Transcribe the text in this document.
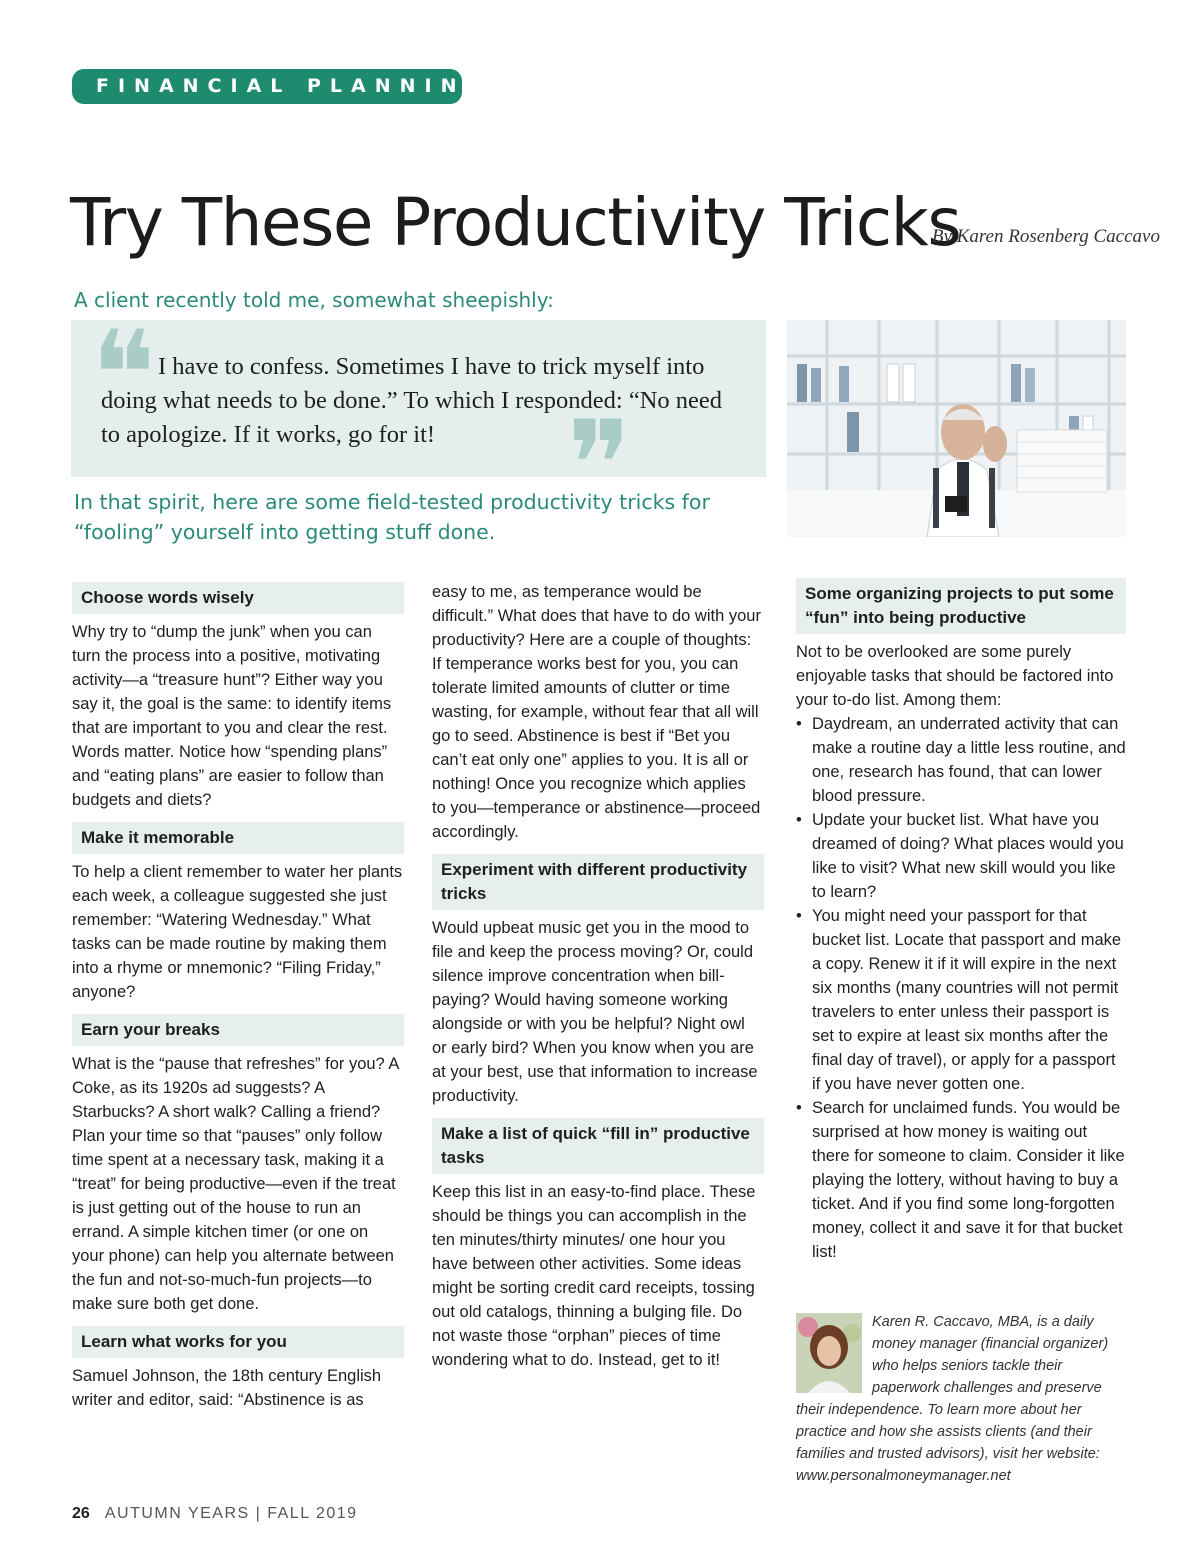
FINANCIAL PLANNING
Try These Productivity Tricks
By Karen Rosenberg Caccavo

A client recently told me, somewhat sheepishly:

❝
❞

I have to confess. Sometimes I have to trick myself into doing what needs to be done.” To which I responded: “No need to apologize. If it works, go for it!

In that spirit, here are some field-tested productivity tricks for “fooling” yourself into getting stuff done.

Choose words wisely

Why try to “dump the junk” when you can turn the process into a positive, motivating activity—a “treasure hunt”? Either way you say it, the goal is the same: to identify items that are important to you and clear the rest. Words matter. Notice how “spending plans” and “eating plans” are easier to follow than budgets and diets?

Make it memorable

To help a client remember to water her plants each week, a colleague suggested she just remember: “Watering Wednesday.” What tasks can be made routine by making them into a rhyme or mnemonic? “Filing Friday,” anyone?

Earn your breaks

What is the “pause that refreshes” for you? A Coke, as its 1920s ad suggests? A Starbucks? A short walk? Calling a friend? Plan your time so that “pauses” only follow time spent at a necessary task, making it a “treat” for being productive—even if the treat is just getting out of the house to run an errand. A simple kitchen timer (or one on your phone) can help you alternate between the fun and not-so-much-fun projects—to make sure both get done.

Learn what works for you

Samuel Johnson, the 18th century English writer and editor, said: “Abstinence is as

easy to me, as temperance would be difficult.” What does that have to do with your productivity? Here are a couple of thoughts: If temperance works best for you, you can tolerate limited amounts of clutter or time wasting, for example, without fear that all will go to seed. Abstinence is best if “Bet you can’t eat only one” applies to you. It is all or nothing! Once you recognize which applies to you—temperance or abstinence—proceed accordingly.

Experiment with different productivity tricks

Would upbeat music get you in the mood to file and keep the process moving? Or, could silence improve concentration when bill-paying? Would having someone working alongside or with you be helpful? Night owl or early bird? When you know when you are at your best, use that information to increase productivity.

Make a list of quick “fill in” productive tasks

Keep this list in an easy-to-find place. These should be things you can accomplish in the ten minutes/thirty minutes/ one hour you have between other activities. Some ideas might be sorting credit card receipts, tossing out old catalogs, thinning a bulging file. Do not waste those “orphan” pieces of time wondering what to do. Instead, get to it!

Some organizing projects to put some “fun” into being productive

Not to be overlooked are some purely enjoyable tasks that should be factored into your to-do list. Among them:

• Daydream, an underrated activity that can make a routine day a little less routine, and one, research has found, that can lower blood pressure.
• Update your bucket list. What have you dreamed of doing? What places would you like to visit? What new skill would you like to learn?
• You might need your passport for that bucket list. Locate that passport and make a copy. Renew it if it will expire in the next six months (many countries will not permit travelers to enter unless their passport is set to expire at least six months after the final day of travel), or apply for a passport if you have never gotten one.
• Search for unclaimed funds. You would be surprised at how money is waiting out there for someone to claim. Consider it like playing the lottery, without having to buy a ticket. And if you find some long-forgotten money, collect it and save it for that bucket list!
Karen R. Caccavo, MBA, is a daily money manager (financial organizer) who helps seniors tackle their paperwork challenges and preserve their independence. To learn more about her practice and how she assists clients (and their families and trusted advisors), visit her website: www.personalmoneymanager.net
26 AUTUMN YEARS | FALL 2019
